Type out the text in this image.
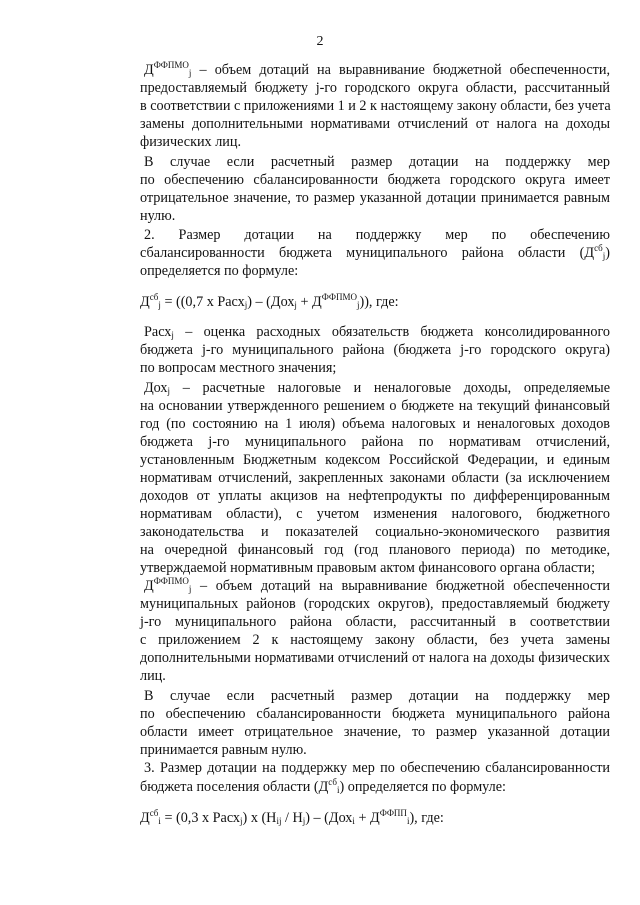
2
$Д^{ФФПМО}_j$ – объем дотаций на выравнивание бюджетной обеспеченности,
предоставляемый бюджету j-го городского округа области, рассчитанный
в соответствии с приложениями 1 и 2 к настоящему закону области, без учета
замены дополнительными нормативами отчислений от налога на доходы
физических лиц.
В случае если расчетный размер дотации на поддержку мер
по обеспечению сбалансированности бюджета городского округа имеет
отрицательное значение, то размер указанной дотации принимается равным
нулю.
2. Размер дотации на поддержку мер по обеспечению
сбалансированности бюджета муниципального района области $(Д^{сб}_j)$
определяется по формуле:
$Д^{сб}_j = ((0,7$ х Расх$_j$) – $(Дох_j + Д^{ФФПМО}_j)$), где:
Расх$_j$ – оценка расходных обязательств бюджета консолидированного
бюджета j-го муниципального района (бюджета j-го городского округа)
по вопросам местного значения;
Дох$_j$ – расчетные налоговые и неналоговые доходы, определяемые
на основании утвержденного решением о бюджете на текущий финансовый
год (по состоянию на 1 июля) объема налоговых и неналоговых доходов
бюджета j-го муниципального района по нормативам отчислений,
установленным Бюджетным кодексом Российской Федерации, и единым
нормативам отчислений, закрепленных законами области (за исключением
доходов от уплаты акцизов на нефтепродукты по дифференцированным
нормативам области), с учетом изменения налогового, бюджетного
законодательства и показателей социально-экономического развития
на очередной финансовый год (год планового периода) по методике,
утверждаемой нормативным правовым актом финансового органа области;
$Д^{ФФПМО}_j$ – объем дотаций на выравнивание бюджетной обеспеченности
муниципальных районов (городских округов), предоставляемый бюджету
j-го муниципального района области, рассчитанный в соответствии
с приложением 2 к настоящему закону области, без учета замены
дополнительными нормативами отчислений от налога на доходы физических
лиц.
В случае если расчетный размер дотации на поддержку мер
по обеспечению сбалансированности бюджета муниципального района
области имеет отрицательное значение, то размер указанной дотации
принимается равным нулю.
3. Размер дотации на поддержку мер по обеспечению сбалансированности
бюджета поселения области $(Д^{сб}_i)$ определяется по формуле:
$Д^{сб}_i = (0,3$ х Расх$_j$) х $(Н_{ij} / Н_j) - (Дох_i + Д^{ФФПП}_i)$, где:
